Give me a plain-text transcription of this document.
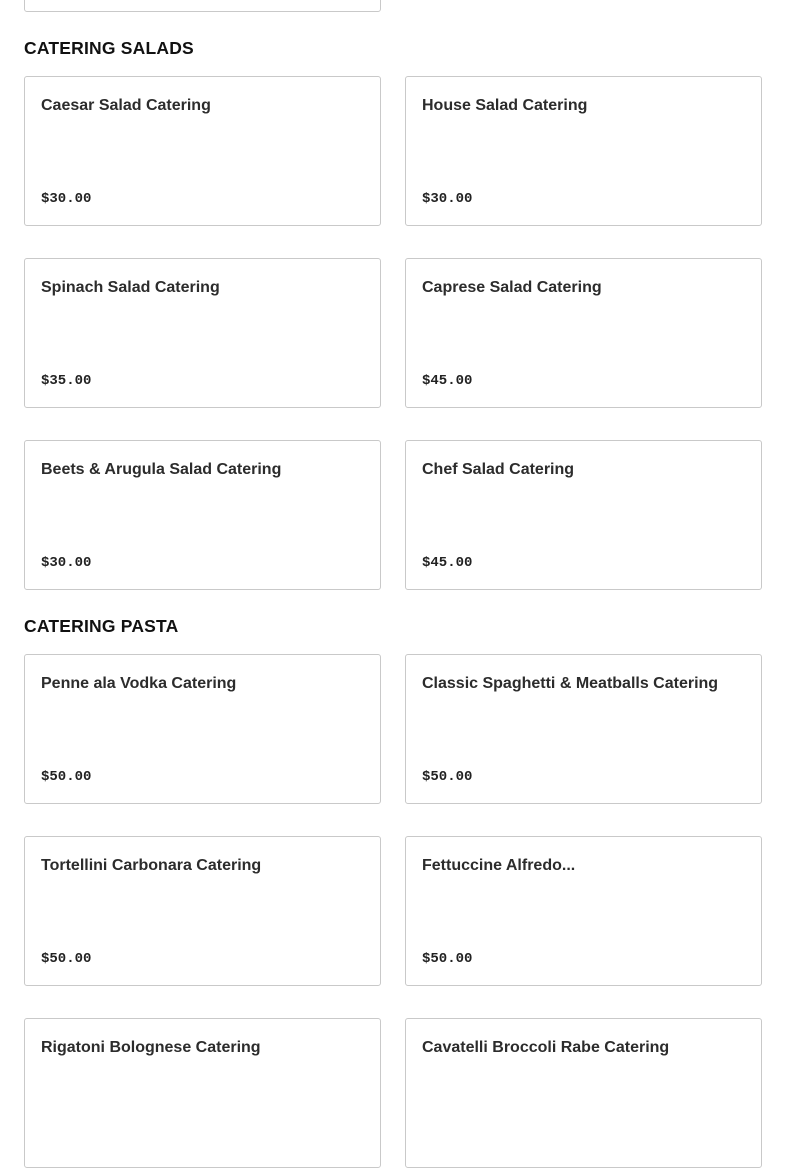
CATERING SALADS
Caesar Salad Catering
$30.00
House Salad Catering
$30.00
Spinach Salad Catering
$35.00
Caprese Salad Catering
$45.00
Beets & Arugula Salad Catering
$30.00
Chef Salad Catering
$45.00
CATERING PASTA
Penne ala Vodka Catering
$50.00
Classic Spaghetti & Meatballs Catering
$50.00
Tortellini Carbonara Catering
$50.00
Fettuccine Alfredo...
$50.00
Rigatoni Bolognese Catering	Cavatelli Broccoli Rabe Catering
